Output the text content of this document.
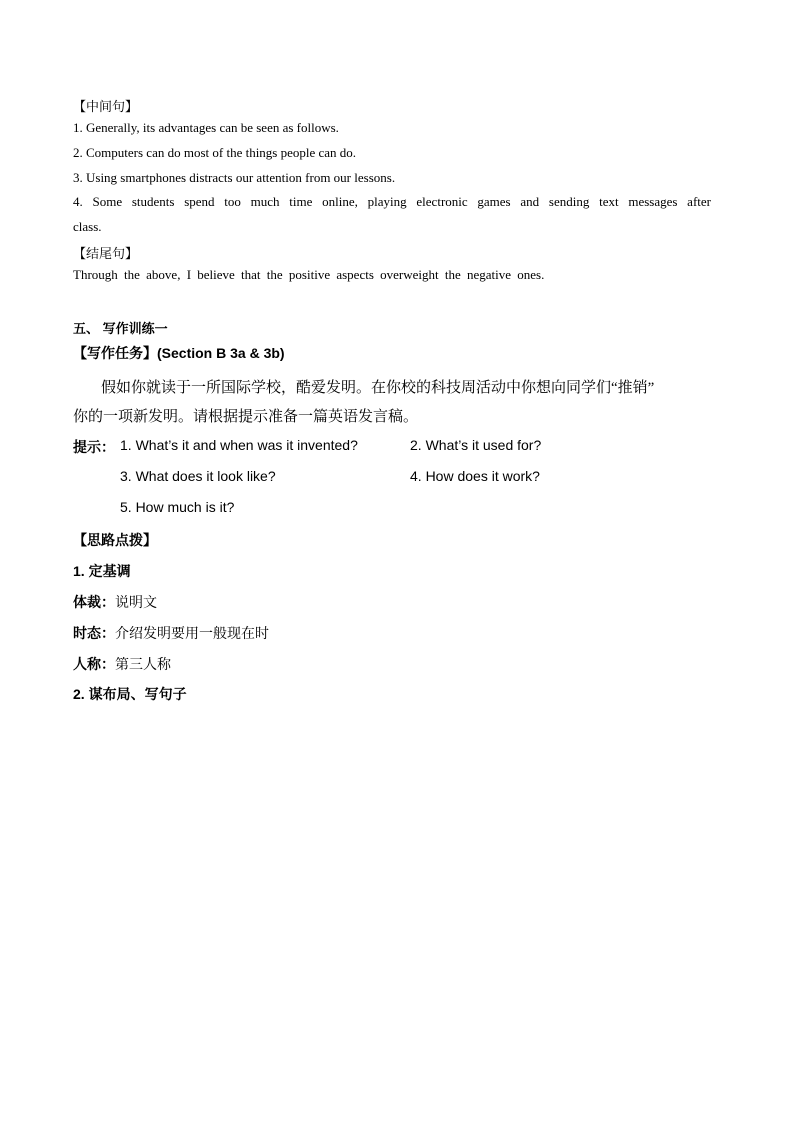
【中间句】
1. Generally, its advantages can be seen as follows.
2. Computers can do most of the things people can do.
3. Using smartphones distracts our attention from our lessons.
4. Some students spend too much time online, playing electronic games and sending text messages after
class.
【结尾句】
Through the above, I believe that the positive aspects overweight the negative ones.
五、 写作训练一
【写作任务】(Section B 3a & 3b)
假如你就读于一所国际学校，酷爱发明。在你校的科技周活动中你想向同学们“推销”
你的一项新发明。请根据提示准备一篇英语发言稿。
提示： 1. What’s it and when was it invented?	2. What’s it used for?
3. What does it look like?	4. How does it work?
5. How much is it?
【思路点拨】
1. 定基调
体裁：说明文
时态：介绍发明要用一般现在时
人称：第三人称
2. 谋布局、写句子
